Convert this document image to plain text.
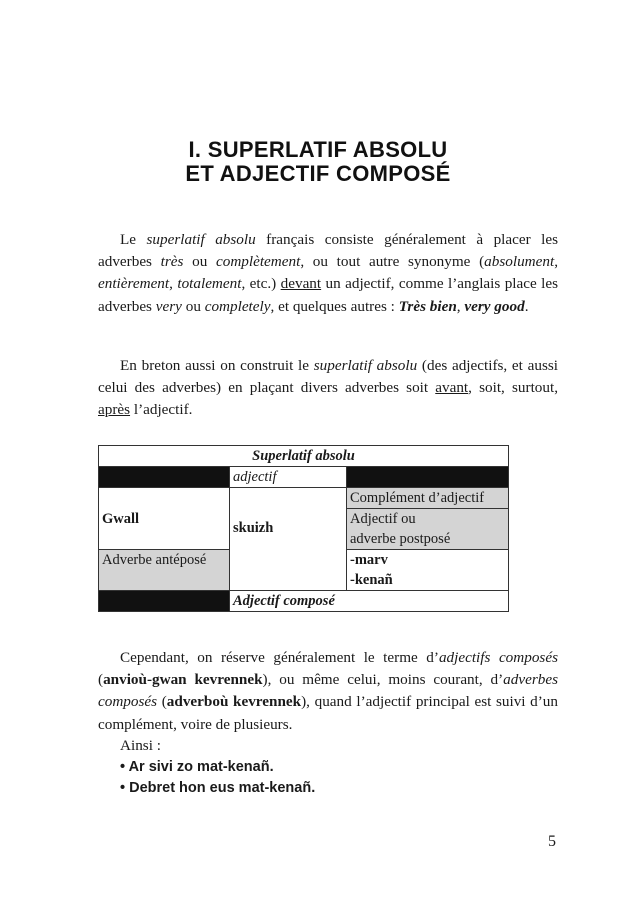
I. SUPERLATIF ABSOLU
ET ADJECTIF COMPOSÉ

Le superlatif absolu français consiste généralement à placer les adverbes très ou complètement, ou tout autre synonyme (absolument, entièrement, totalement, etc.) devant un adjectif, comme l’anglais place les adverbes very ou completely, et quelques autres : Très bien, very good.

En breton aussi on construit le superlatif absolu (des adjectifs, et aussi celui des adverbes) en plaçant divers adverbes soit avant, soit, surtout, après l’adjectif.

Superlatif absolu		
	adjectif	
Gwall	skuizh	Complément d’adjectif

		Adjectif ou
adverbe postposé

Adverbe antéposé		-marv
-kenañ

	Adjectif composé	

Cependant, on réserve généralement le terme d’adjectifs composés (anvioù-gwan kevrennek), ou même celui, moins courant, d’adverbes composés (adverboù kevrennek), quand l’adjectif principal est suivi d’un complément, voire de plusieurs.

Ainsi :
• Ar sivi zo mat-kenañ.
• Debret hon eus mat-kenañ.
5
